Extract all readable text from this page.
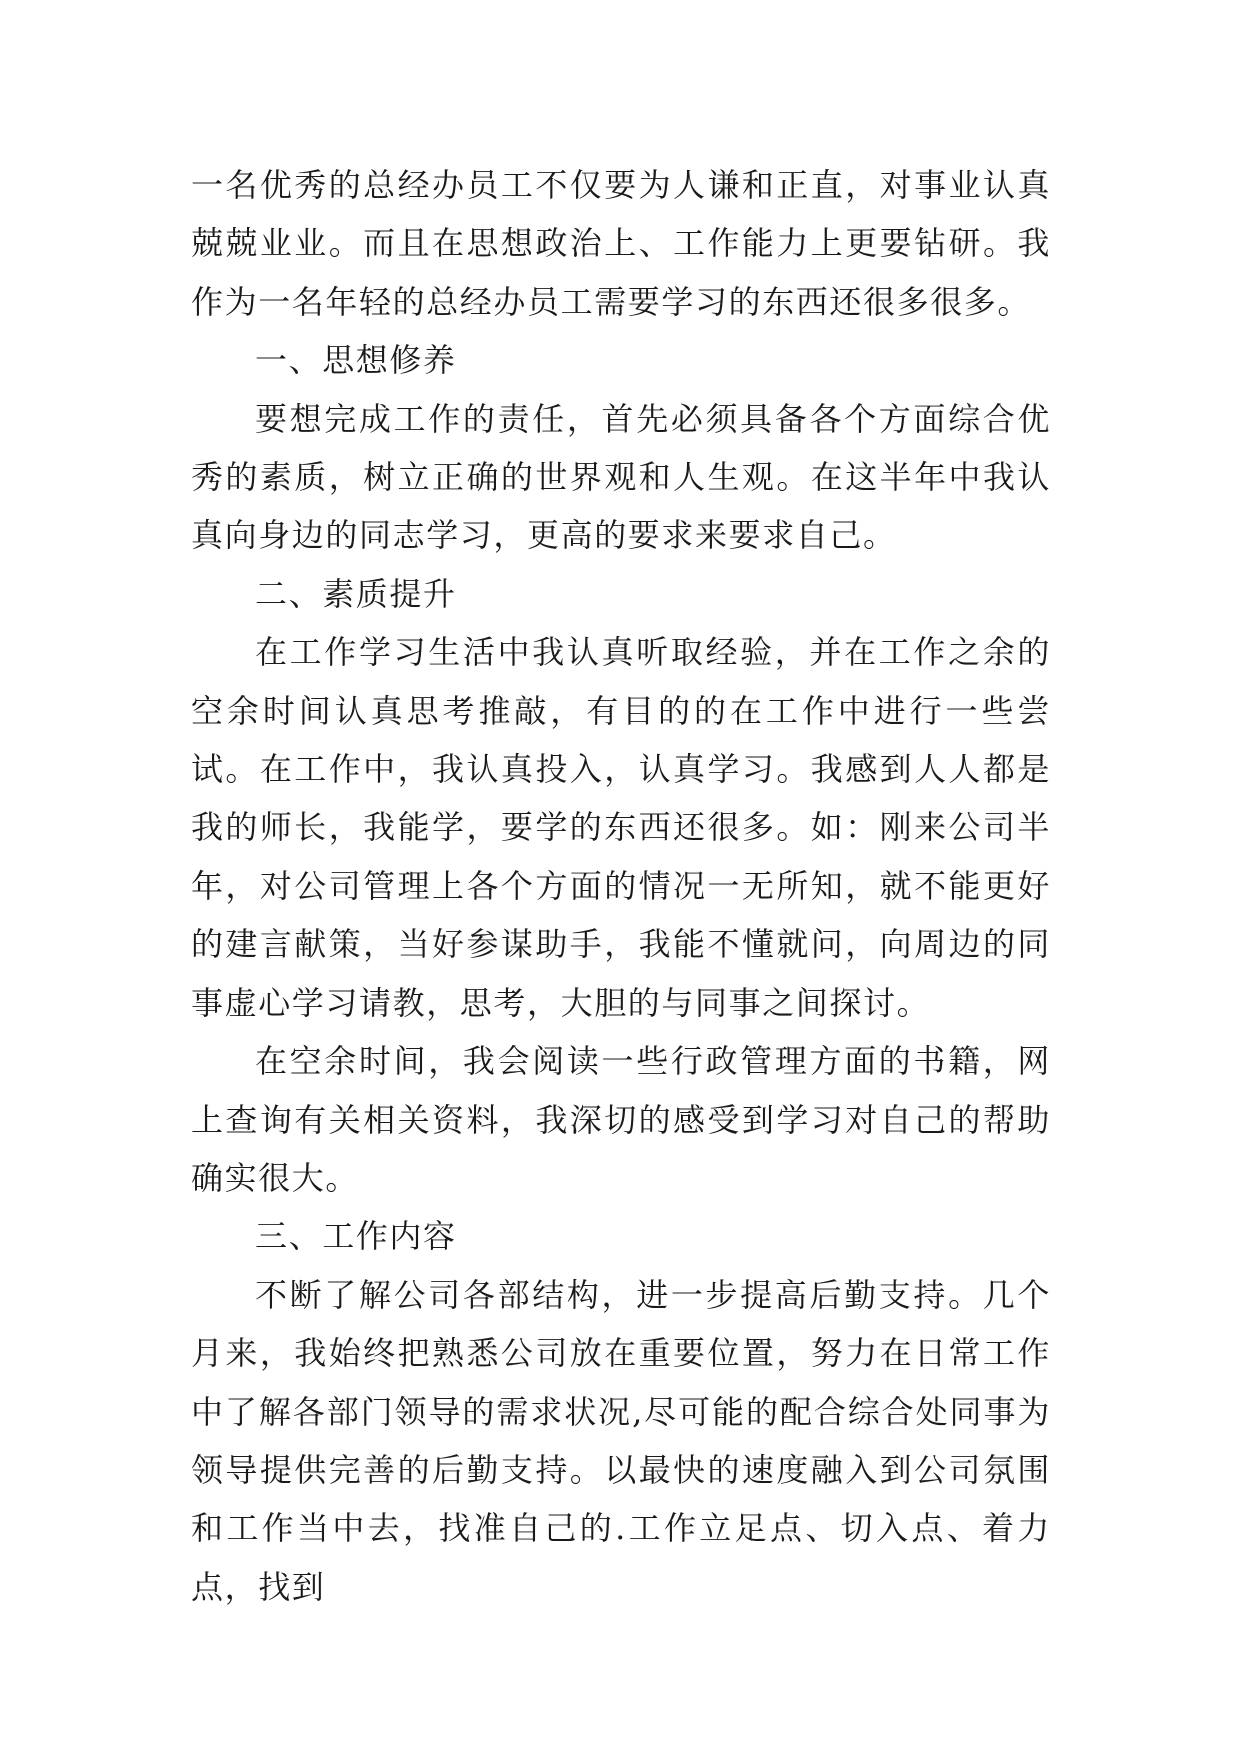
一名优秀的总经办员工不仅要为人谦和正直，对事业认真兢兢业业。而且在思想政治上、工作能力上更要钻研。我作为一名年轻的总经办员工需要学习的东西还很多很多。

一、思想修养

要想完成工作的责任，首先必须具备各个方面综合优秀的素质，树立正确的世界观和人生观。在这半年中我认真向身边的同志学习，更高的要求来要求自己。

二、素质提升

在工作学习生活中我认真听取经验，并在工作之余的空余时间认真思考推敲，有目的的在工作中进行一些尝试。在工作中，我认真投入，认真学习。我感到人人都是我的师长，我能学，要学的东西还很多。如：刚来公司半年，对公司管理上各个方面的情况一无所知，就不能更好的建言献策，当好参谋助手，我能不懂就问，向周边的同事虚心学习请教，思考，大胆的与同事之间探讨。

在空余时间，我会阅读一些行政管理方面的书籍，网上查询有关相关资料，我深切的感受到学习对自己的帮助确实很大。

三、工作内容

不断了解公司各部结构，进一步提高后勤支持。几个月来，我始终把熟悉公司放在重要位置，努力在日常工作中了解各部门领导的需求状况,尽可能的配合综合处同事为领导提供完善的后勤支持。以最快的速度融入到公司氛围和工作当中去，找准自己的.工作立足点、切入点、着力点，找到
